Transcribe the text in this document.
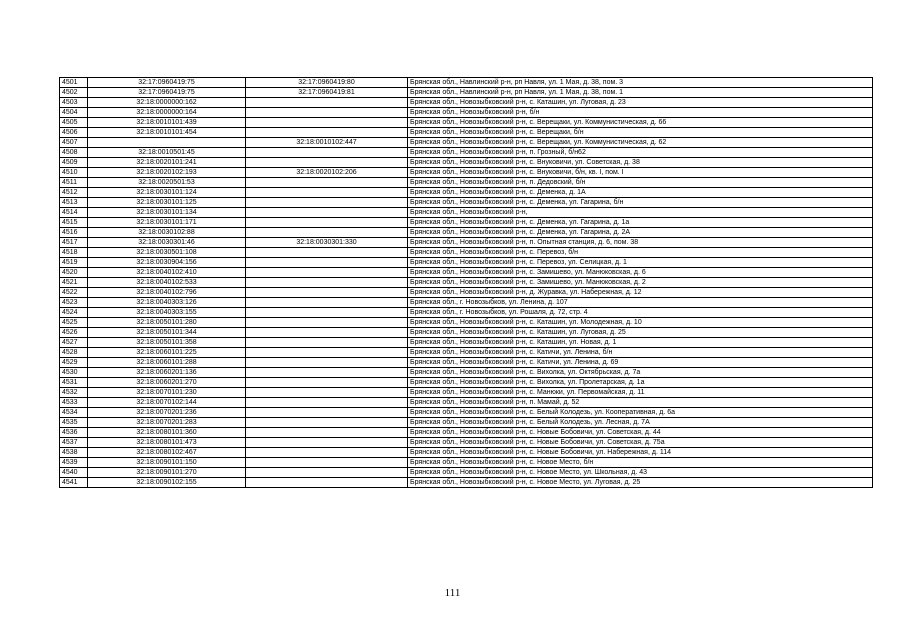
4501	32:17:0960419:75	32:17:0960419:80	Брянская обл., Навлинский р-н, рп Навля, ул. 1 Мая, д. 38, пом. 3
4502	32:17:0960419:75	32:17:0960419:81	Брянская обл., Навлинский р-н, рп Навля, ул. 1 Мая, д. 38, пом. 1
4503	32:18:0000000:162		Брянская обл., Новозыбковский р-н, с. Каташин, ул. Луговая, д. 23
4504	32:18:0000000:164		Брянская обл., Новозыбковский р-н, б/н
4505	32:18:0010101:439		Брянская обл., Новозыбковский р-н, с. Верещаки, ул. Коммунистическая, д. 66
4506	32:18:0010101:454		Брянская обл., Новозыбковский р-н, с. Верещаки, б/н
4507		32:18:0010102:447	Брянская обл., Новозыбковский р-н, с. Верещаки, ул. Коммунистическая, д. 62
4508	32:18:0010501:45		Брянская обл., Новозыбковский р-н, п. Грозный, б/н62
4509	32:18:0020101:241		Брянская обл., Новозыбковский р-н, с. Внуковичи, ул. Советская, д. 38
4510	32:18:0020102:193	32:18:0020102:206	Брянская обл., Новозыбковский р-н, с. Внуковичи, б/н, кв. I, пом. I
4511	32:18:0020501:53		Брянская обл., Новозыбковский р-н, п. Дедовский, б/н
4512	32:18:0030101:124		Брянская обл., Новозыбковский р-н, с. Деменка, д. 1А
4513	32:18:0030101:125		Брянская обл., Новозыбковский р-н, с. Деменка, ул. Гагарина, б/н
4514	32:18:0030101:134		Брянская обл., Новозыбковский р-н,
4515	32:18:0030101:171		Брянская обл., Новозыбковский р-н, с. Деменка, ул. Гагарина, д. 1а
4516	32:18:0030102:88		Брянская обл., Новозыбковский р-н, с. Деменка, ул. Гагарина, д. 2А
4517	32:18:0030301:46	32:18:0030301:330	Брянская обл., Новозыбковский р-н, п. Опытная станция, д. 6, пом. 38
4518	32:18:0030501:108		Брянская обл., Новозыбковский р-н, с. Перевоз, б/н
4519	32:18:0030904:156		Брянская обл., Новозыбковский р-н, с. Перевоз, ул. Селицкая, д. 1
4520	32:18:0040102:410		Брянская обл., Новозыбковский р-н, с. Замишево, ул. Манюковская, д. 6
4521	32:18:0040102:533		Брянская обл., Новозыбковский р-н, с. Замишево, ул. Манюковская, д. 2
4522	32:18:0040102:796		Брянская обл., Новозыбковский р-н, д. Журавка, ул. Набережная, д. 12
4523	32:18:0040303:126		Брянская обл., г. Новозыбков, ул. Ленина, д. 107
4524	32:18:0040303:155		Брянская обл., г. Новозыбков, ул. Рошаля, д. 72, стр. 4
4525	32:18:0050101:280		Брянская обл., Новозыбковский р-н, с. Каташин, ул. Молодежная, д. 10
4526	32:18:0050101:344		Брянская обл., Новозыбковский р-н, с. Каташин, ул. Луговая, д. 25
4527	32:18:0050101:358		Брянская обл., Новозыбковский р-н, с. Каташин, ул. Новая, д. 1
4528	32:18:0060101:225		Брянская обл., Новозыбковский р-н, с. Катичи, ул. Ленина, б/н
4529	32:18:0060101:288		Брянская обл., Новозыбковский р-н, с. Катичи, ул. Ленина, д. 69
4530	32:18:0060201:136		Брянская обл., Новозыбковский р-н, с. Вихолка, ул. Октябрьская, д. 7а
4531	32:18:0060201:270		Брянская обл., Новозыбковский р-н, с. Вихолка, ул. Пролетарская, д. 1а
4532	32:18:0070101:230		Брянская обл., Новозыбковский р-н, с. Манюки, ул. Первомайская, д. 11
4533	32:18:0070102:144		Брянская обл., Новозыбковский р-н, п. Мамай, д. 52
4534	32:18:0070201:236		Брянская обл., Новозыбковский р-н, с. Белый Колодезь, ул. Кооперативная, д. 6а
4535	32:18:0070201:283		Брянская обл., Новозыбковский р-н, с. Белый Колодезь, ул. Лесная, д. 7А
4536	32:18:0080101:360		Брянская обл., Новозыбковский р-н, с. Новые Бобовичи, ул. Советская, д. 44
4537	32:18:0080101:473		Брянская обл., Новозыбковский р-н, с. Новые Бобовичи, ул. Советская, д. 75а
4538	32:18:0080102:467		Брянская обл., Новозыбковский р-н, с. Новые Бобовичи, ул. Набережная, д. 114
4539	32:18:0090101:150		Брянская обл., Новозыбковский р-н, с. Новое Место, б/н
4540	32:18:0090101:270		Брянская обл., Новозыбковский р-н, с. Новое Место, ул. Школьная, д. 43
4541	32:18:0090102:155		Брянская обл., Новозыбковский р-н, с. Новое Место, ул. Луговая, д. 25
111
